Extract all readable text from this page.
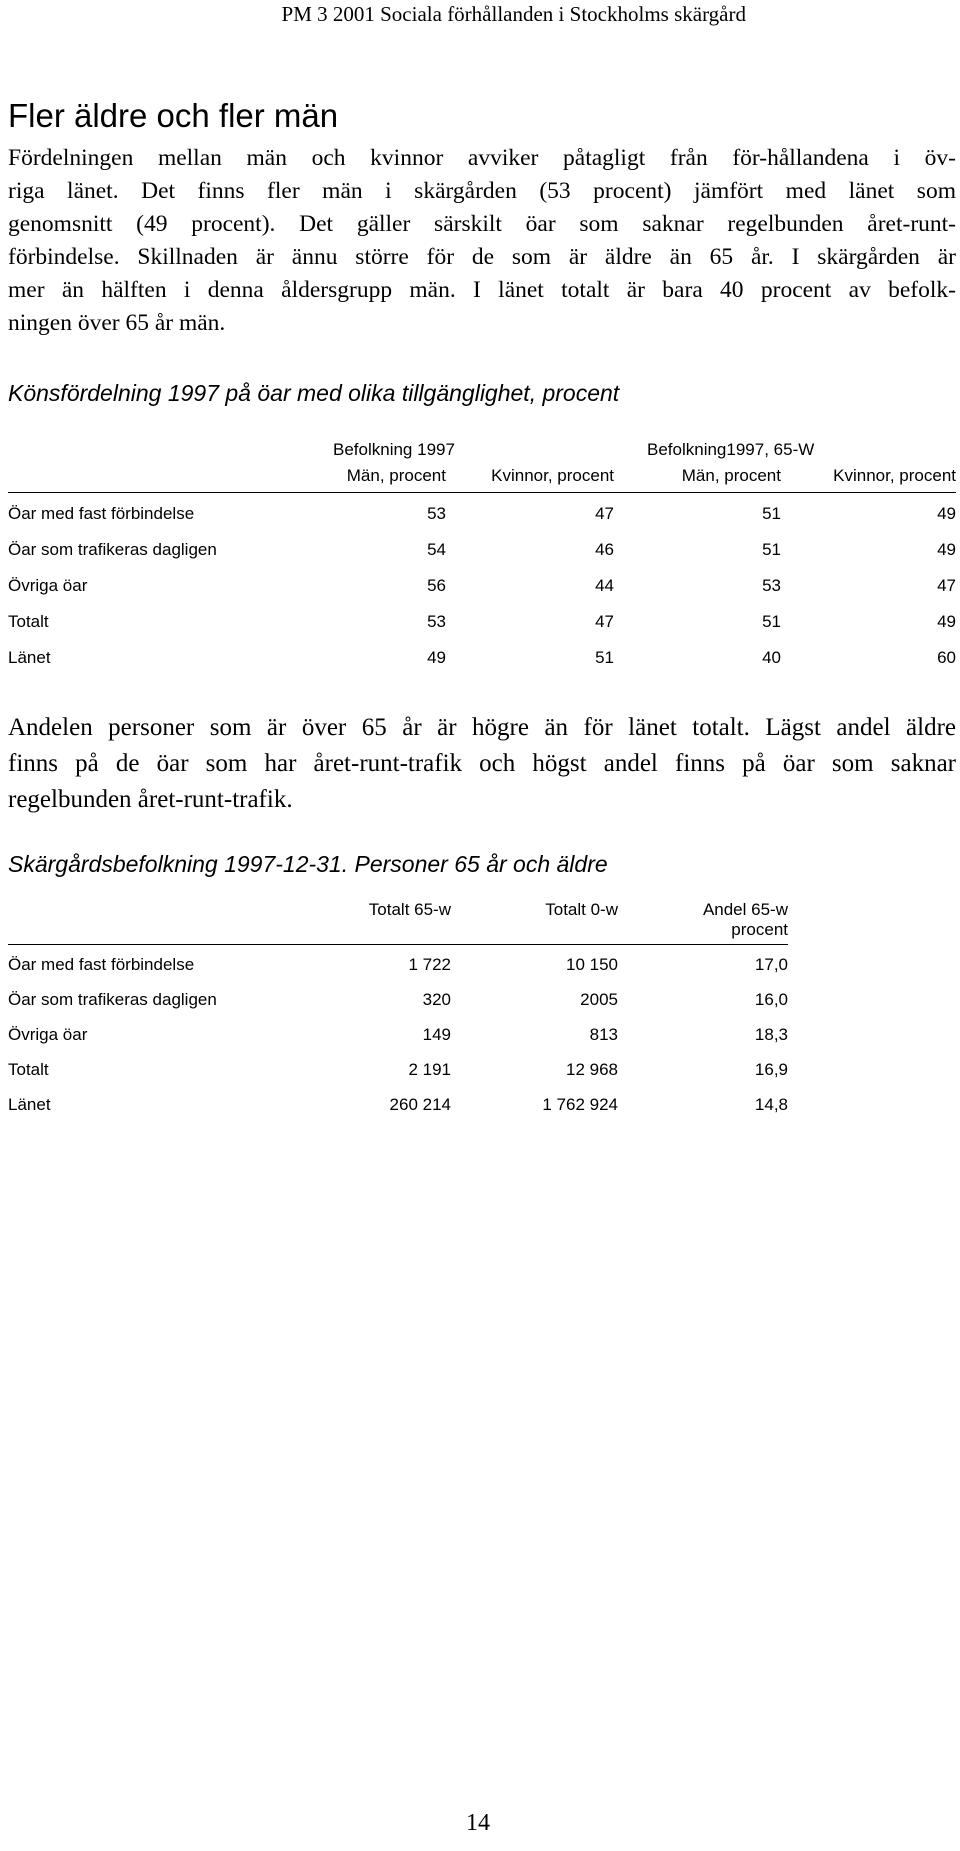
PM 3 2001 Sociala förhållanden i Stockholms skärgård
Fler äldre och fler män

Fördelningen mellan män och kvinnor avviker påtagligt från för-hållandena i öv-
riga länet. Det finns fler män i skärgården (53 procent) jämfört med länet som
genomsnitt (49 procent). Det gäller särskilt öar som saknar regelbunden året-runt-
förbindelse. Skillnaden är ännu större för de som är äldre än 65 år. I skärgården är
mer än hälften i denna åldersgrupp män. I länet totalt är bara 40 procent av befolk-
ningen över 65 år män.

Könsfördelning 1997 på öar med olika tillgänglighet, procent
	Befolkning 1997		Befolkning1997, 65-W	
	Män, procent	Kvinnor, procent	Män, procent	Kvinnor, procent
Öar med fast förbindelse	53	47	51	49
Öar som trafikeras dagligen	54	46	51	49
Övriga öar	56	44	53	47
Totalt	53	47	51	49
Länet	49	51	40	60

Andelen personer som är över 65 år är högre än för länet totalt. Lägst andel äldre
finns på de öar som har året-runt-trafik och högst andel finns på öar som saknar
regelbunden året-runt-trafik.

Skärgårdsbefolkning 1997-12-31. Personer 65 år och äldre
	Totalt 65-w	Totalt 0-w	Andel 65-w
procent
Öar med fast förbindelse	1 722	10 150	17,0
Öar som trafikeras dagligen	320	2005	16,0
Övriga öar	149	813	18,3
Totalt	2 191	12 968	16,9
Länet	260 214	1 762 924	14,8
14
